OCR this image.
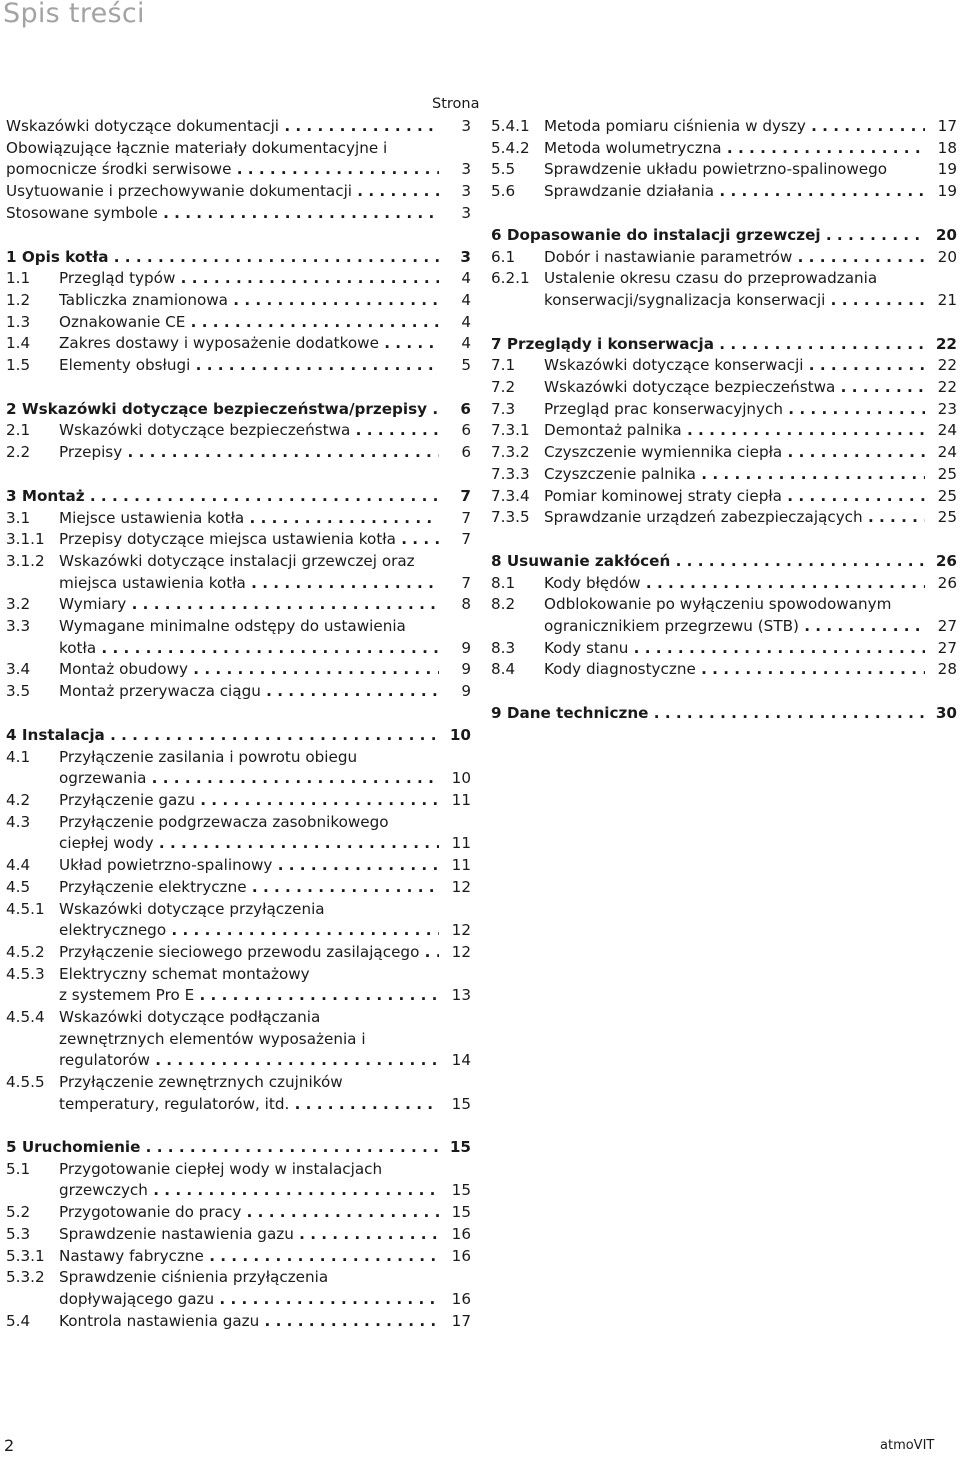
Spis treści
Strona
Wskazówki dotyczące dokumentacji . . .	3
Obowiązujące łącznie materiały dokumentacyjne i
pomocnicze środki serwisowe . . .	3
Usytuowanie i przechowywanie dokumentacji . . .	3
Stosowane symbole . . .	3
1 Opis kotła . . .	3
1.1	Przegląd typów . . .	4
1.2	Tabliczka znamionowa . . .	4
1.3	Oznakowanie CE . . .	4
1.4	Zakres dostawy i wyposażenie dodatkowe . . .	4
1.5	Elementy obsługi . . .	5
2 Wskazówki dotyczące bezpieczeństwa/przepisy . . .	6
2.1	Wskazówki dotyczące bezpieczeństwa . . .	6
2.2	Przepisy . . .	6
3 Montaż . . .	7
3.1	Miejsce ustawienia kotła . . .	7
3.1.1 Przepisy dotyczące miejsca ustawienia kotła . . .	7
3.1.2 Wskazówki dotyczące instalacji grzewczej oraz
miejsca ustawienia kotła . . .	7
3.2	Wymiary . . .	8
3.3	Wymagane minimalne odstępy do ustawienia
kotła . . .	9
3.4	Montaż obudowy . . .	9
3.5	Montaż przerywacza ciągu . . .	9
4 Instalacja . . .	10
4.1	Przyłączenie zasilania i powrotu obiegu
ogrzewania . . .	10
4.2	Przyłączenie gazu . . .	11
4.3	Przyłączenie podgrzewacza zasobnikowego
ciepłej wody . . .	11
4.4	Układ powietrzno-spalinowy . . .	11
4.5	Przyłączenie elektryczne . . .	12
4.5.1 Wskazówki dotyczące przyłączenia
elektrycznego . . .	12
4.5.2 Przyłączenie sieciowego przewodu zasilającego . . .	12
4.5.3 Elektryczny schemat montażowy
z systemem Pro E . . .	13
4.5.4 Wskazówki dotyczące podłączania
zewnętrznych elementów wyposażenia i
regulatorów . . .	14
4.5.5 Przyłączenie zewnętrznych czujników
temperatury, regulatorów, itd. . . .	15
5.4.1 Metoda pomiaru ciśnienia w dyszy . . .	17
5.4.2 Metoda wolumetryczna . . .	18
5.5	Sprawdzenie układu powietrzno-spalinowego	19
5.6	Sprawdzanie działania . . .	19
6 Dopasowanie do instalacji grzewczej . . .	20
6.1	Dobór i nastawianie parametrów . . .	20
6.2.1 Ustalenie okresu czasu do przeprowadzania
konserwacji/sygnalizacja konserwacji . . .	21
7 Przeglądy i konserwacja . . .	22
7.1	Wskazówki dotyczące konserwacji . . .	22
7.2	Wskazówki dotyczące bezpieczeństwa . . .	22
7.3	Przegląd prac konserwacyjnych . . .	23
7.3.1 Demontaż palnika . . .	24
7.3.2 Czyszczenie wymiennika ciepła . . .	24
7.3.3 Czyszczenie palnika . . .	25
7.3.4 Pomiar kominowej straty ciepła . . .	25
7.3.5 Sprawdzanie urządzeń zabezpieczających . . .	25
8 Usuwanie zakłóceń . . .	26
8.1	Kody błędów . . .	26
8.2	Odblokowanie po wyłączeniu spowodowanym
ogranicznikiem przegrzewu (STB) . . .	27
8.3	Kody stanu . . .	27
8.4	Kody diagnostyczne . . .	28
9 Dane techniczne . . .	30
5 Uruchomienie . . .	15
5.1	Przygotowanie ciepłej wody w instalacjach
grzewczych . . .	15
5.2	Przygotowanie do pracy . . .	15
5.3	Sprawdzenie nastawienia gazu . . .	16
5.3.1 Nastawy fabryczne . . .	16
5.3.2 Sprawdzenie ciśnienia przyłączenia
dopływającego gazu . . .	16
5.4	Kontrola nastawienia gazu . . .	17
2	atmoVIT
